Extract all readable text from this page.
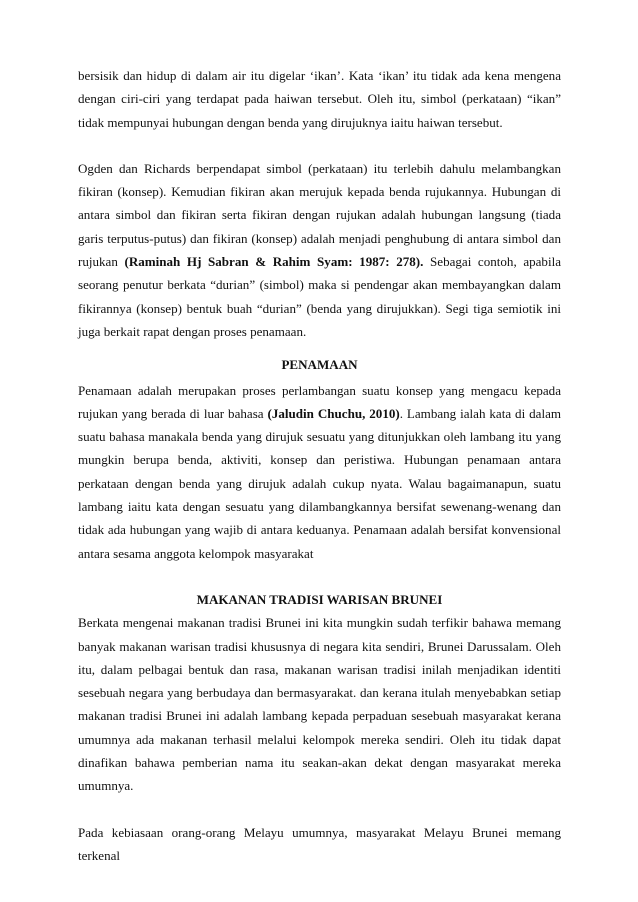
bersisik dan hidup di dalam air itu digelar ‘ikan’. Kata ‘ikan’ itu tidak ada kena mengena dengan ciri-ciri yang terdapat pada haiwan tersebut. Oleh itu, simbol (perkataan) “ikan” tidak mempunyai hubungan dengan benda yang dirujuknya iaitu haiwan tersebut.

Ogden dan Richards berpendapat simbol (perkataan) itu terlebih dahulu melambangkan fikiran (konsep). Kemudian fikiran akan merujuk kepada benda rujukannya. Hubungan di antara simbol dan fikiran serta fikiran dengan rujukan adalah hubungan langsung (tiada garis terputus-putus) dan fikiran (konsep) adalah menjadi penghubung di antara simbol dan rujukan (Raminah Hj Sabran & Rahim Syam: 1987: 278). Sebagai contoh, apabila seorang penutur berkata “durian” (simbol) maka si pendengar akan membayangkan dalam fikirannya (konsep) bentuk buah “durian” (benda yang dirujukkan). Segi tiga semiotik ini juga berkait rapat dengan proses penamaan.

PENAMAAN

Penamaan adalah merupakan proses perlambangan suatu konsep yang mengacu kepada rujukan yang berada di luar bahasa (Jaludin Chuchu, 2010). Lambang ialah kata di dalam suatu bahasa manakala benda yang dirujuk sesuatu yang ditunjukkan oleh lambang itu yang mungkin berupa benda, aktiviti, konsep dan peristiwa. Hubungan penamaan antara perkataan dengan benda yang dirujuk adalah cukup nyata. Walau bagaimanapun, suatu lambang iaitu kata dengan sesuatu yang dilambangkannya bersifat sewenang-wenang dan tidak ada hubungan yang wajib di antara keduanya. Penamaan adalah bersifat konvensional antara sesama anggota kelompok masyarakat

MAKANAN TRADISI WARISAN BRUNEI

Berkata mengenai makanan tradisi Brunei ini kita mungkin sudah terfikir bahawa memang banyak makanan warisan tradisi khususnya di negara kita sendiri, Brunei Darussalam. Oleh itu, dalam pelbagai bentuk dan rasa, makanan warisan tradisi inilah menjadikan identiti sesebuah negara yang berbudaya dan bermasyarakat. dan kerana itulah menyebabkan setiap makanan tradisi Brunei ini adalah lambang kepada perpaduan sesebuah masyarakat kerana umumnya ada makanan terhasil melalui kelompok mereka sendiri. Oleh itu tidak dapat dinafikan bahawa pemberian nama itu seakan-akan dekat dengan masyarakat mereka umumnya.

Pada kebiasaan orang-orang Melayu umumnya, masyarakat Melayu Brunei memang terkenal
